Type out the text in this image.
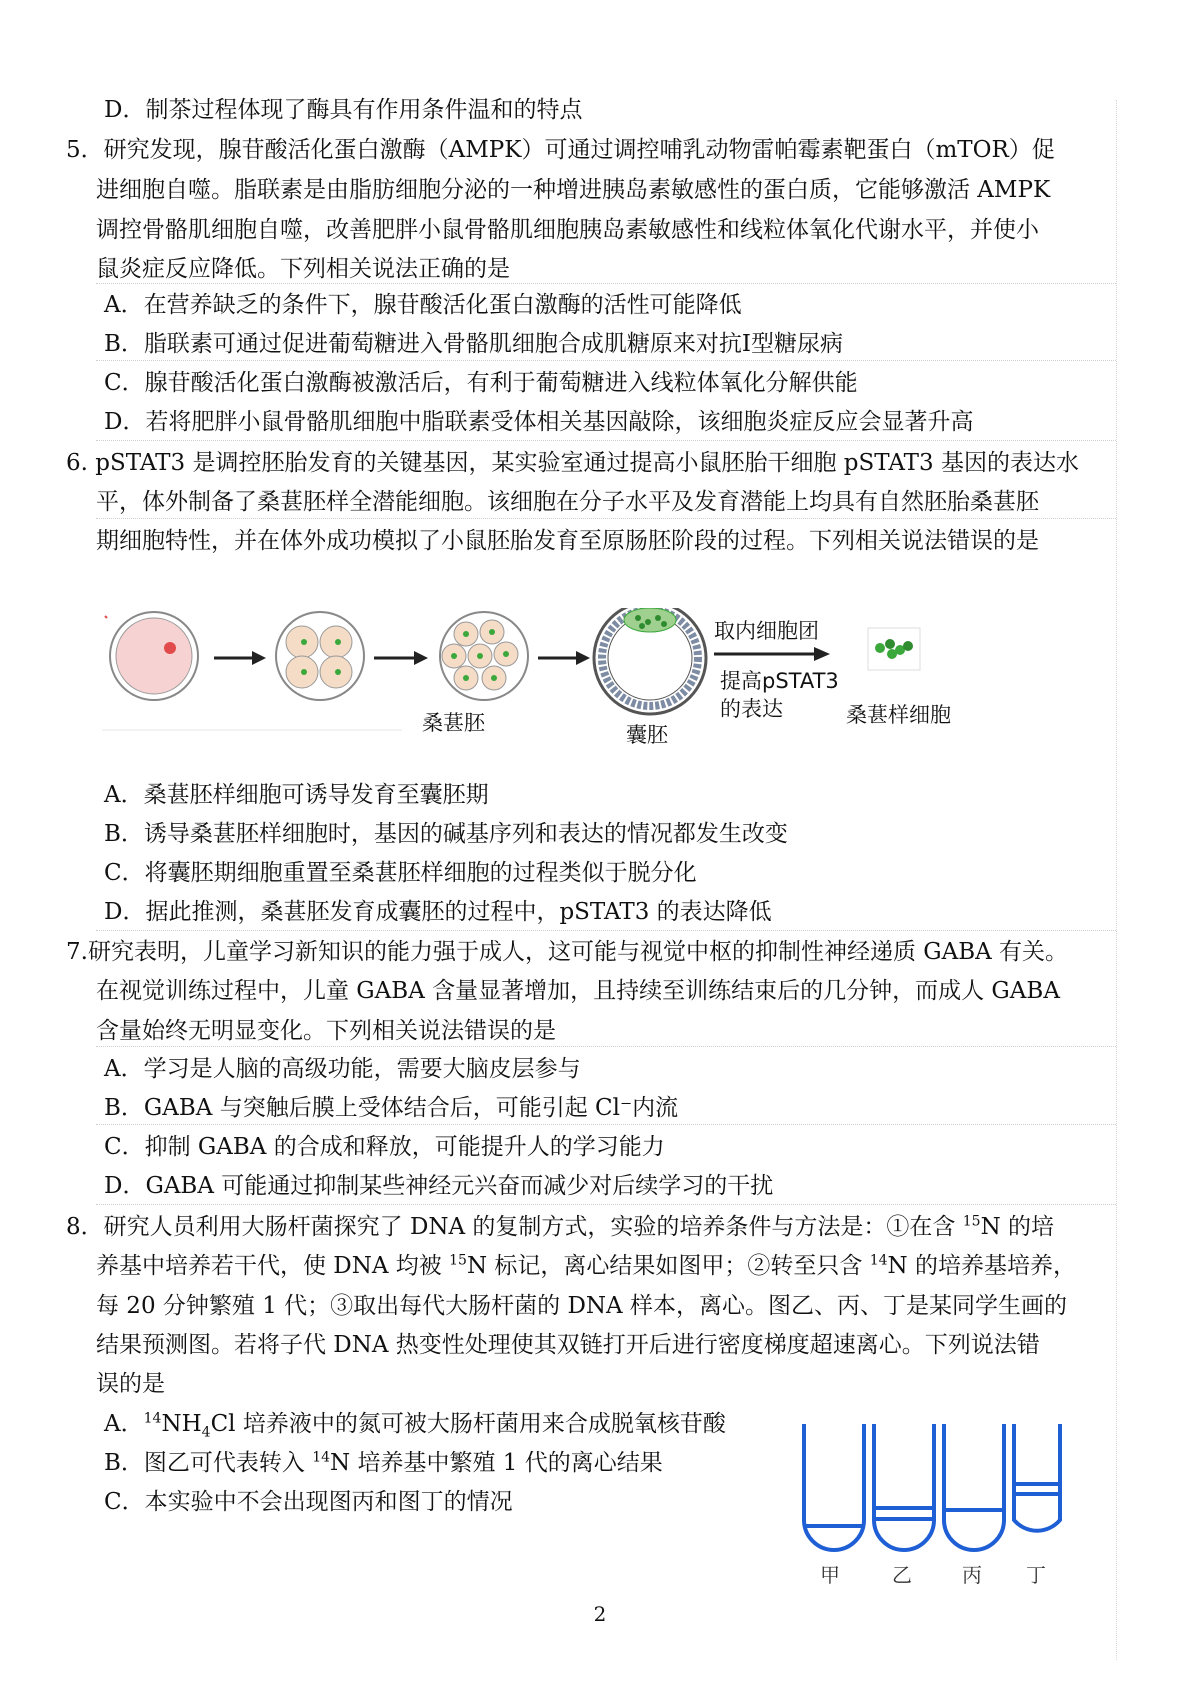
D．制茶过程体现了酶具有作用条件温和的特点
5．研究发现，腺苷酸活化蛋白激酶（AMPK）可通过调控哺乳动物雷帕霉素靶蛋白（mTOR）促
进细胞自噬。脂联素是由脂肪细胞分泌的一种增进胰岛素敏感性的蛋白质，它能够激活 AMPK
调控骨骼肌细胞自噬，改善肥胖小鼠骨骼肌细胞胰岛素敏感性和线粒体氧化代谢水平，并使小
鼠炎症反应降低。下列相关说法正确的是
A．在营养缺乏的条件下，腺苷酸活化蛋白激酶的活性可能降低
B．脂联素可通过促进葡萄糖进入骨骼肌细胞合成肌糖原来对抗Ⅰ型糖尿病
C．腺苷酸活化蛋白激酶被激活后，有利于葡萄糖进入线粒体氧化分解供能
D．若将肥胖小鼠骨骼肌细胞中脂联素受体相关基因敲除，该细胞炎症反应会显著升高
6. pSTAT3 是调控胚胎发育的关键基因，某实验室通过提高小鼠胚胎干细胞 pSTAT3 基因的表达水
平，体外制备了桑葚胚样全潜能细胞。该细胞在分子水平及发育潜能上均具有自然胚胎桑葚胚
期细胞特性，并在体外成功模拟了小鼠胚胎发育至原肠胚阶段的过程。下列相关说法错误的是
取内细胞团
提高pSTAT3
的表达
桑葚胚	囊胚
桑葚样细胞
A．桑葚胚样细胞可诱导发育至囊胚期
B．诱导桑葚胚样细胞时，基因的碱基序列和表达的情况都发生改变
C．将囊胚期细胞重置至桑葚胚样细胞的过程类似于脱分化
D．据此推测，桑葚胚发育成囊胚的过程中，pSTAT3 的表达降低
7.研究表明，儿童学习新知识的能力强于成人，这可能与视觉中枢的抑制性神经递质 GABA 有关。
在视觉训练过程中，儿童 GABA 含量显著增加，且持续至训练结束后的几分钟，而成人 GABA
含量始终无明显变化。下列相关说法错误的是
A．学习是人脑的高级功能，需要大脑皮层参与
B．GABA 与突触后膜上受体结合后，可能引起 Cl⁻内流
C．抑制 GABA 的合成和释放，可能提升人的学习能力
D．GABA 可能通过抑制某些神经元兴奋而减少对后续学习的干扰
8．研究人员利用大肠杆菌探究了 DNA 的复制方式，实验的培养条件与方法是：①在含 $^{15}$N 的培
养基中培养若干代，使 DNA 均被 $^{15}$N 标记，离心结果如图甲；②转至只含 $^{14}$N 的培养基培养，
每 20 分钟繁殖 1 代；③取出每代大肠杆菌的 DNA 样本，离心。图乙、丙、丁是某同学生画的
结果预测图。若将子代 DNA 热变性处理使其双链打开后进行密度梯度超速离心。下列说法错
误的是
A．$^{14}NH_4Cl$ 培养液中的氮可被大肠杆菌用来合成脱氧核苷酸
B．图乙可代表转入 $^{14}$N 培养基中繁殖 1 代的离心结果
C．本实验中不会出现图丙和图丁的情况
甲	乙	丙 丁
2
